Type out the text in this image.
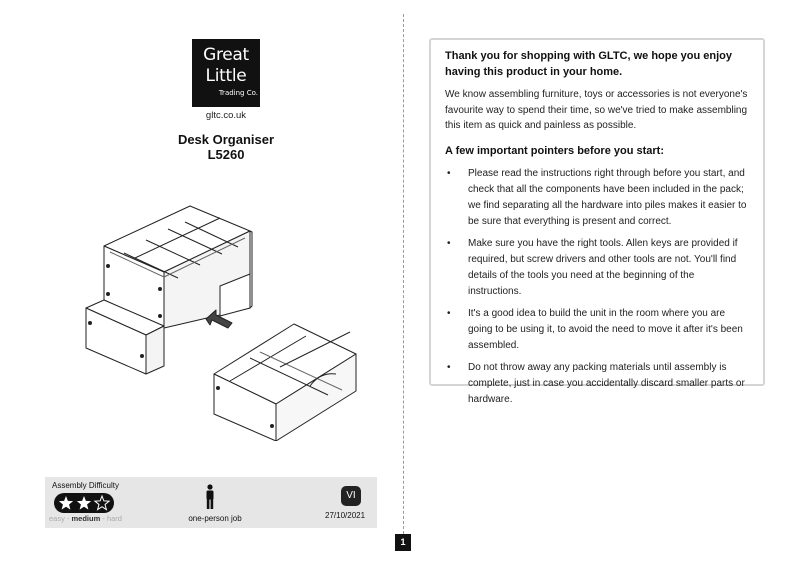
Great
Little
Trading Co.
gltc.co.uk
Desk Organiser
L5260
Assembly Difficulty
easy - medium - hard	one-person job
VI
27/10/2021
1

Thank you for shopping with GLTC, we hope you enjoy having this product in your home.

We know assembling furniture, toys or accessories is not everyone's favourite way to spend their time, so we've tried to make assembling this item as quick and painless as possible.

A few important pointers before you start:

• Please read the instructions right through before you start, and check that all the components have been included in the pack; we find separating all the hardware into piles makes it easier to be sure that everything is present and correct.
• Make sure you have the right tools. Allen keys are provided if required, but screw drivers and other tools are not. You'll find details of the tools you need at the beginning of the instructions.
• It's a good idea to build the unit in the room where you are going to be using it, to avoid the need to move it after it's been assembled.
• Do not throw away any packing materials until assembly is complete, just in case you accidentally discard smaller parts or hardware.
